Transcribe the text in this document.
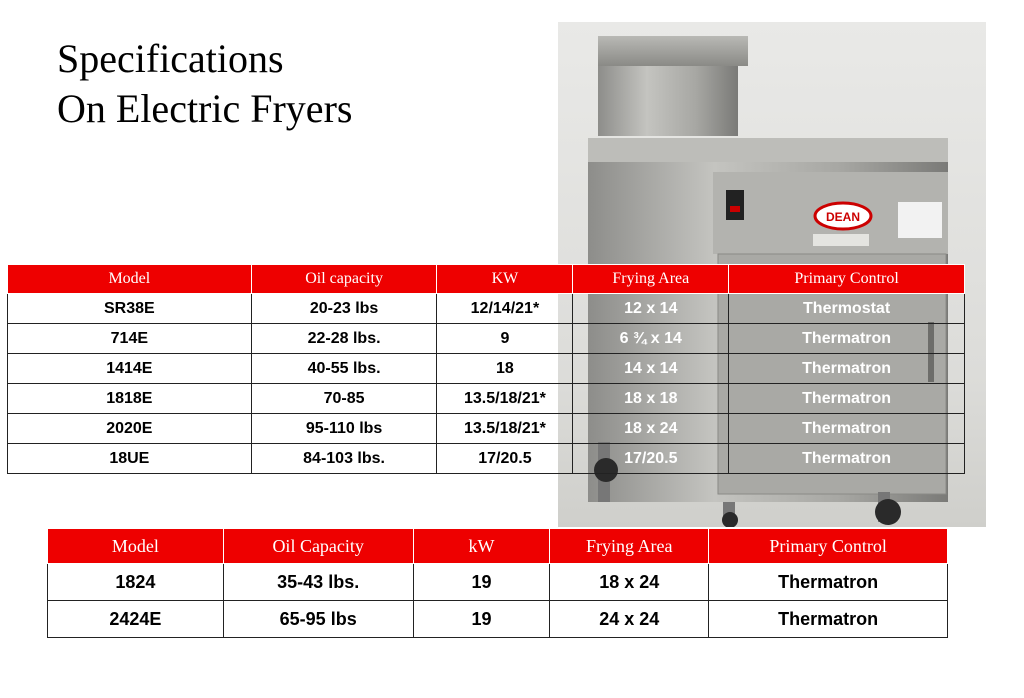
Specifications
On Electric Fryers
DEAN
Model	Oil capacity	KW	Frying Area	Primary Control
SR38E	20-23 lbs	12/14/21*	12 x 14	Thermostat
714E	22-28 lbs.	9	6 ¾ x 14	Thermatron
1414E	40-55 lbs.	18	14 x 14	Thermatron
1818E	70-85	13.5/18/21*	18 x 18	Thermatron
2020E	95-110 lbs	13.5/18/21*	18 x 24	Thermatron
18UE	84-103 lbs.	17/20.5	17/20.5	Thermatron
Model	Oil Capacity	kW	Frying Area	Primary Control
1824	35-43 lbs.	19	18 x 24	Thermatron
2424E	65-95 lbs	19	24 x 24	Thermatron
